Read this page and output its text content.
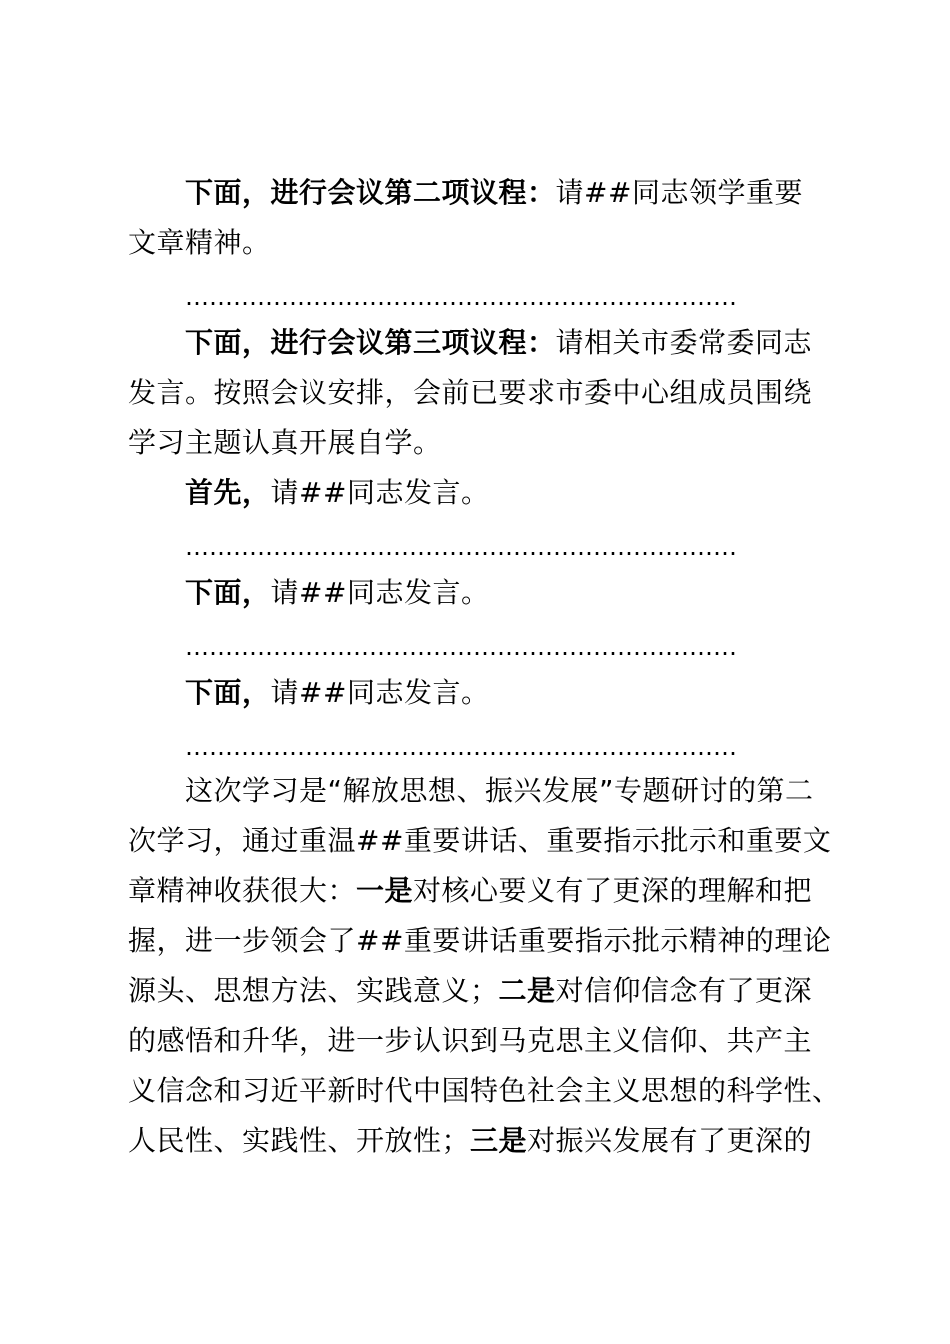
下面，进行会议第二项议程：请##同志领学重要
文章精神。
……………………………………………………………
下面，进行会议第三项议程：请相关市委常委同志
发言。按照会议安排，会前已要求市委中心组成员围绕
学习主题认真开展自学。
首先，请##同志发言。
……………………………………………………………
下面，请##同志发言。
……………………………………………………………
下面，请##同志发言。
……………………………………………………………
这次学习是“解放思想、振兴发展”专题研讨的第二
次学习，通过重温##重要讲话、重要指示批示和重要文
章精神收获很大：一是对核心要义有了更深的理解和把
握，进一步领会了##重要讲话重要指示批示精神的理论
源头、思想方法、实践意义；二是对信仰信念有了更深
的感悟和升华，进一步认识到马克思主义信仰、共产主
义信念和习近平新时代中国特色社会主义思想的科学性、
人民性、实践性、开放性；三是对振兴发展有了更深的
